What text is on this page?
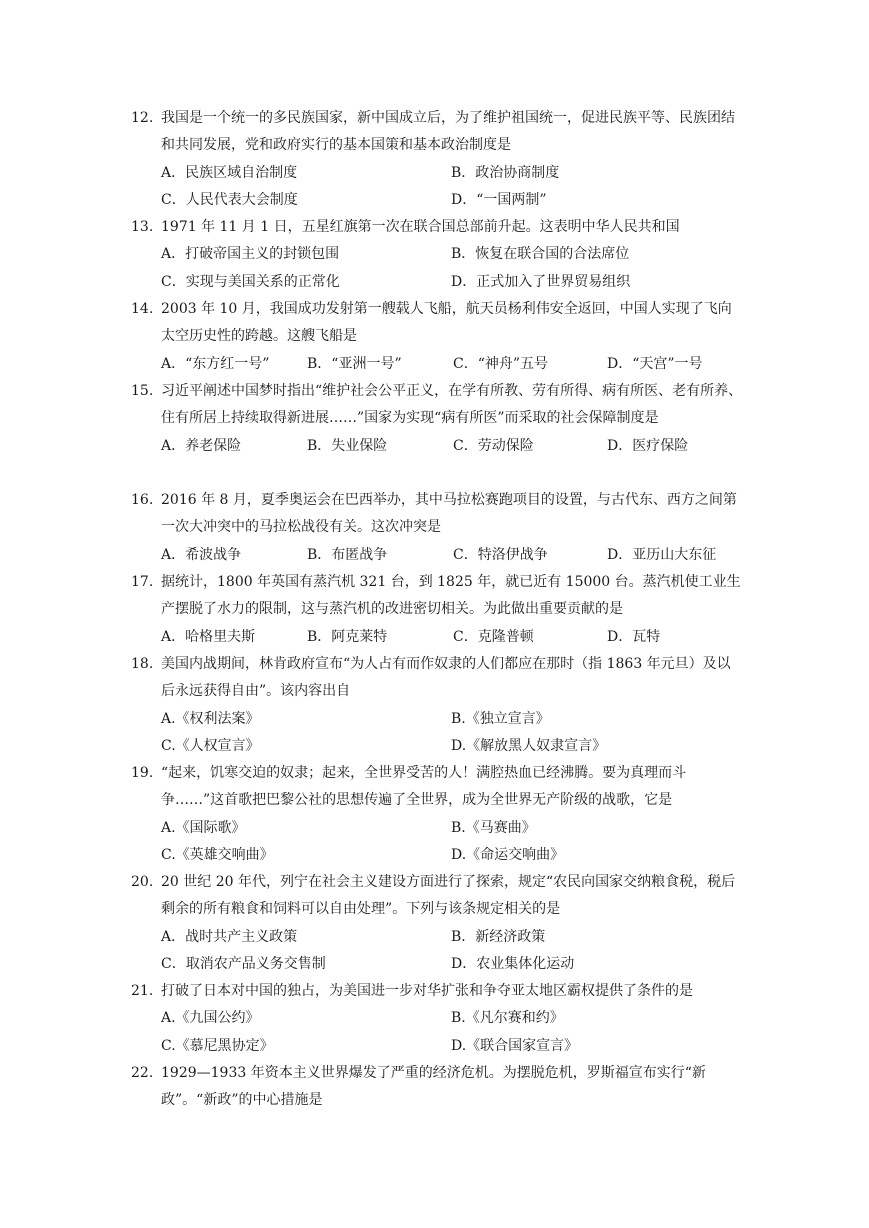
12. 我国是一个统一的多民族国家，新中国成立后，为了维护祖国统一，促进民族平等、民族团结和共同发展，党和政府实行的基本国策和基本政治制度是
A．民族区域自治制度	B．政治协商制度
C．人民代表大会制度	D．“一国两制”
13. 1971 年 11 月 1 日，五星红旗第一次在联合国总部前升起。这表明中华人民共和国
A．打破帝国主义的封锁包围	B．恢复在联合国的合法席位
C．实现与美国关系的正常化	D．正式加入了世界贸易组织
14. 2003 年 10 月，我国成功发射第一艘载人飞船，航天员杨利伟安全返回，中国人实现了飞向太空历史性的跨越。这艘飞船是
A．“东方红一号”	B．“亚洲一号”	C．“神舟”五号	D．“天宫”一号
15. 习近平阐述中国梦时指出“维护社会公平正义，在学有所教、劳有所得、病有所医、老有所养、住有所居上持续取得新进展……”国家为实现“病有所医”而采取的社会保障制度是
A．养老保险	B．失业保险	C．劳动保险	D．医疗保险
16. 2016 年 8 月，夏季奥运会在巴西举办，其中马拉松赛跑项目的设置，与古代东、西方之间第一次大冲突中的马拉松战役有关。这次冲突是
A．希波战争	B．布匿战争	C．特洛伊战争	D．亚历山大东征
17. 据统计，1800 年英国有蒸汽机 321 台，到 1825 年，就已近有 15000 台。蒸汽机使工业生产摆脱了水力的限制，这与蒸汽机的改进密切相关。为此做出重要贡献的是
A．哈格里夫斯	B．阿克莱特	C．克隆普顿	D．瓦特
18. 美国内战期间，林肯政府宣布“为人占有而作奴隶的人们都应在那时（指 1863 年元旦）及以后永远获得自由”。该内容出自
A.《权利法案》	B.《独立宣言》
C.《人权宣言》	D.《解放黑人奴隶宣言》
19. “起来，饥寒交迫的奴隶；起来，全世界受苦的人！满腔热血已经沸腾。要为真理而斗争……”这首歌把巴黎公社的思想传遍了全世界，成为全世界无产阶级的战歌，它是
A.《国际歌》	B.《马赛曲》
C.《英雄交响曲》	D.《命运交响曲》
20. 20 世纪 20 年代，列宁在社会主义建设方面进行了探索，规定“农民向国家交纳粮食税，税后剩余的所有粮食和饲料可以自由处理”。下列与该条规定相关的是
A．战时共产主义政策	B．新经济政策
C．取消农产品义务交售制	D．农业集体化运动
21. 打破了日本对中国的独占，为美国进一步对华扩张和争夺亚太地区霸权提供了条件的是
A.《九国公约》	B.《凡尔赛和约》
C.《慕尼黑协定》	D.《联合国家宣言》
22. 1929—1933 年资本主义世界爆发了严重的经济危机。为摆脱危机，罗斯福宣布实行“新政”。“新政”的中心措施是
